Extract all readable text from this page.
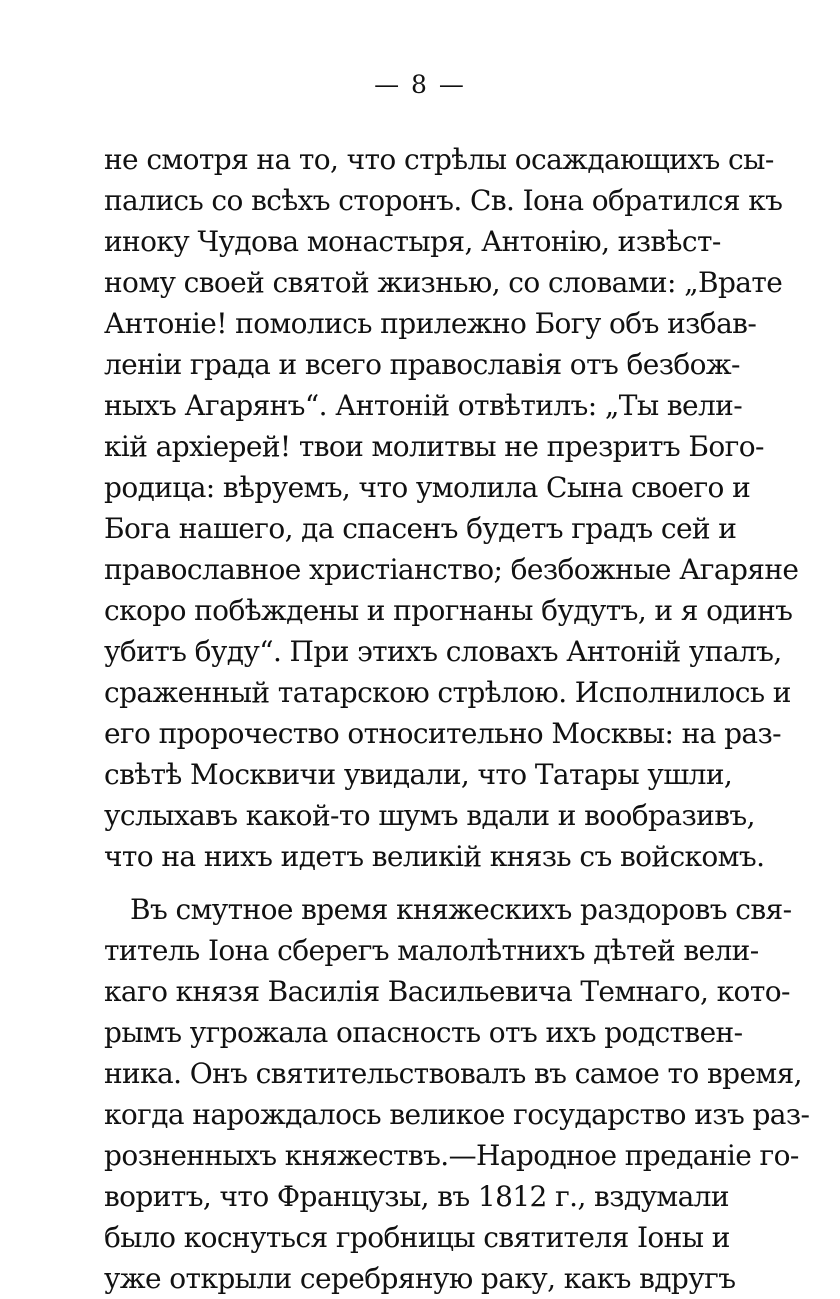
— 8 —
не смотря на то, что стрѣлы осаждающихъ сы-
пались со всѣхъ сторонъ. Св. Іона обратился къ
иноку Чудова монастыря, Антонію, извѣст-
ному своей святой жизнью, со словами: „Врате
Антоніе! помолись прилежно Богу объ избав-
леніи града и всего православія отъ безбож-
ныхъ Агарянъ“. Антоній отвѣтилъ: „Ты вели-
кій архіерей! твои молитвы не презритъ Бого-
родица: вѣруемъ, что умолила Сына своего и
Бога нашего, да спасенъ будетъ градъ сей и
православное христіанство; безбожные Агаряне
скоро побѣждены и прогнаны будутъ, и я одинъ
убитъ буду“. При этихъ словахъ Антоній упалъ,
сраженный татарскою стрѣлою. Исполнилось и
его пророчество относительно Москвы: на раз-
свѣтѣ Москвичи увидали, что Татары ушли,
услыхавъ какой-то шумъ вдали и вообразивъ,
что на нихъ идетъ великій князь съ войскомъ.
Въ смутное время княжескихъ раздоровъ свя-
титель Іона сберегъ малолѣтнихъ дѣтей вели-
каго князя Василія Васильевича Темнаго, кото-
рымъ угрожала опасность отъ ихъ родствен-
ника. Онъ святительствовалъ въ самое то время,
когда нарождалось великое государство изъ раз-
розненныхъ княжествъ.—Народное преданіе го-
воритъ, что Французы, въ 1812 г., вздумали
было коснуться гробницы святителя Іоны и
уже открыли серебряную раку, какъ вдругъ
